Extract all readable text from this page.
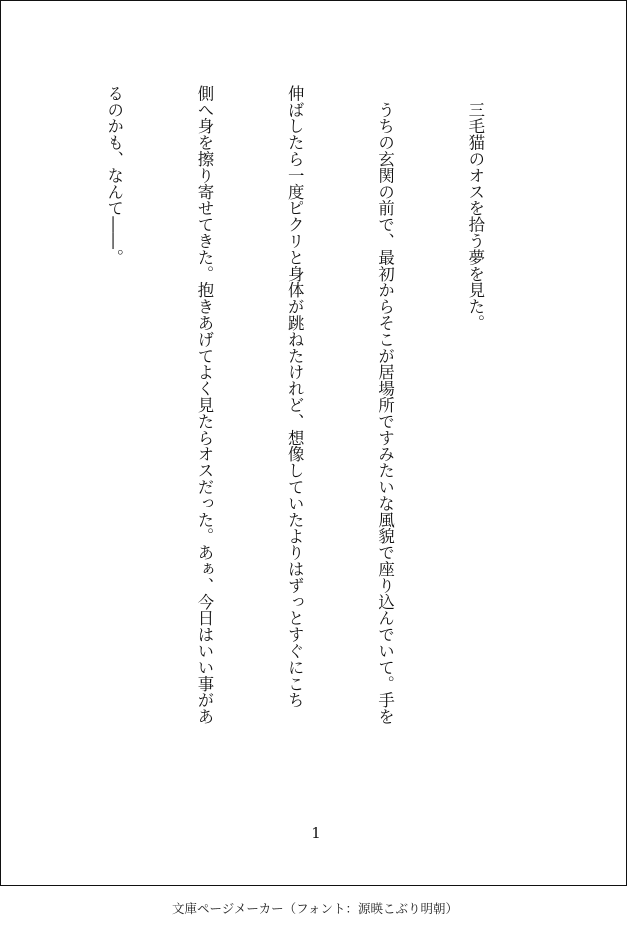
　三毛猫のオスを拾う夢を見た。

　うちの玄関の前で、最初からそこが居場所ですみたいな風貌で座り込んでいて。手を

伸ばしたら一度ピクリと身体が跳ねたけれど、想像していたよりはずっとすぐにこち

側へ身を擦り寄せてきた。抱きあげてよく見たらオスだった。あぁ、今日はいい事があ

るのかも、なんて――。

1
文庫ページメーカー（フォント：源暎こぶり明朝）
